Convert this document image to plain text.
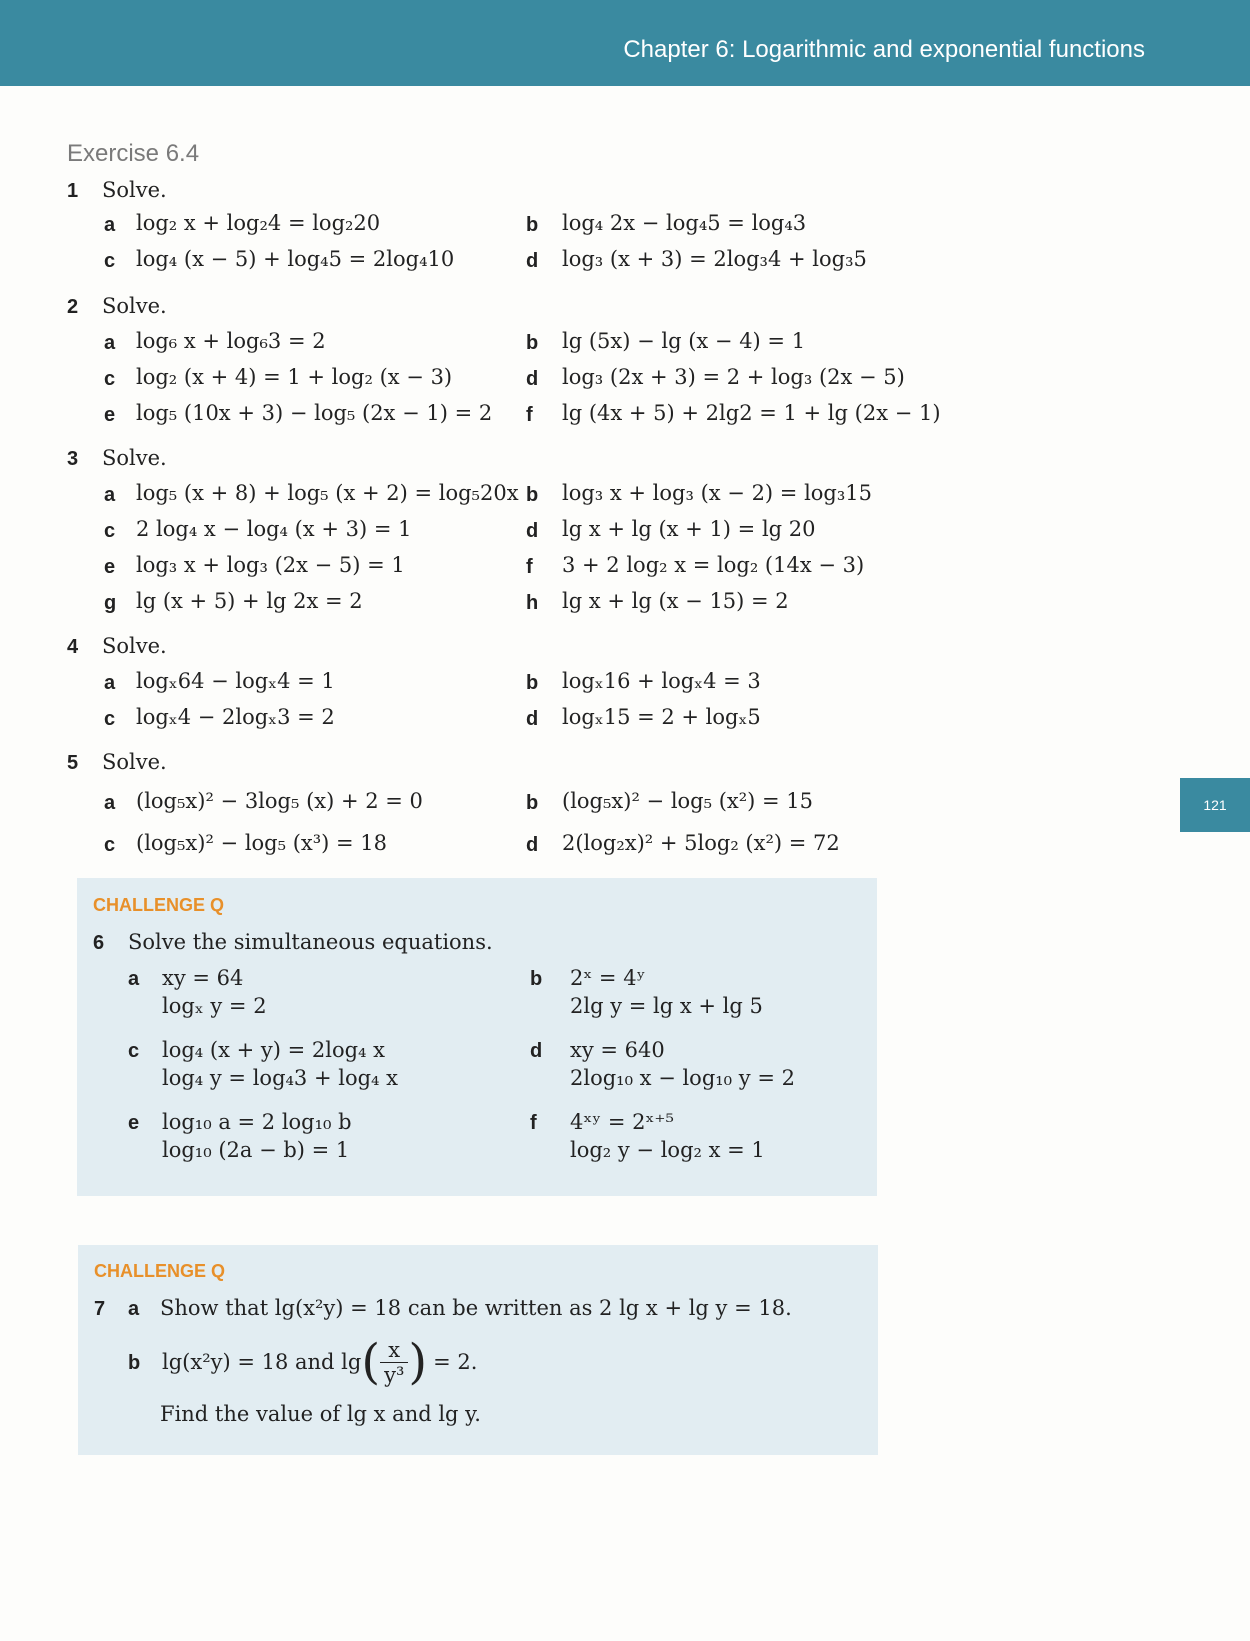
Chapter 6: Logarithmic and exponential functions
Exercise 6.4
1 Solve.
a log₂ x + log₂4 = log₂20	b log₄ 2x − log₄5 = log₄3
c log₄ (x − 5) + log₄5 = 2log₄10	d log₃ (x + 3) = 2log₃4 + log₃5
2 Solve.
a log₆ x + log₆3 = 2	b lg (5x) − lg (x − 4) = 1
c log₂ (x + 4) = 1 + log₂ (x − 3)	d log₃ (2x + 3) = 2 + log₃ (2x − 5)
e log₅ (10x + 3) − log₅ (2x − 1) = 2 f lg (4x + 5) + 2lg2 = 1 + lg (2x − 1)
3 Solve.
a log₅ (x + 8) + log₅ (x + 2) = log₅20x b log₃ x + log₃ (x − 2) = log₃15
c 2 log₄ x − log₄ (x + 3) = 1	d lg x + lg (x + 1) = lg 20
e log₃ x + log₃ (2x − 5) = 1	f 3 + 2 log₂ x = log₂ (14x − 3)
g lg (x + 5) + lg 2x = 2	h lg x + lg (x − 15) = 2
4 Solve.
a logₓ64 − logₓ4 = 1	b logₓ16 + logₓ4 = 3
c logₓ4 − 2logₓ3 = 2	d logₓ15 = 2 + logₓ5
5 Solve.
a (log₅x)² − 3log₅ (x) + 2 = 0	b (log₅x)² − log₅ (x²) = 15
c (log₅x)² − log₅ (x³) = 18	d 2(log₂x)² + 5log₂ (x²) = 72
121
CHALLENGE Q
6 Solve the simultaneous equations.
a xy = 64
logₓ y = 2
b 2ˣ = 4ʸ
2lg y = lg x + lg 5
c log₄ (x + y) = 2log₄ x
log₄ y = log₄3 + log₄ x
d xy = 640
2log₁₀ x − log₁₀ y = 2
e log₁₀ a = 2 log₁₀ b
log₁₀ (2a − b) = 1
f 4ˣʸ = 2ˣ⁺⁵
log₂ y − log₂ x = 1
CHALLENGE Q
7 a Show that lg(x²y) = 18 can be written as 2 lg x + lg y = 18.
b lg(x²y) = 18 and lg ( $\frac{x}{\text{y³}}$ ) = 2.
Find the value of lg x and lg y.
